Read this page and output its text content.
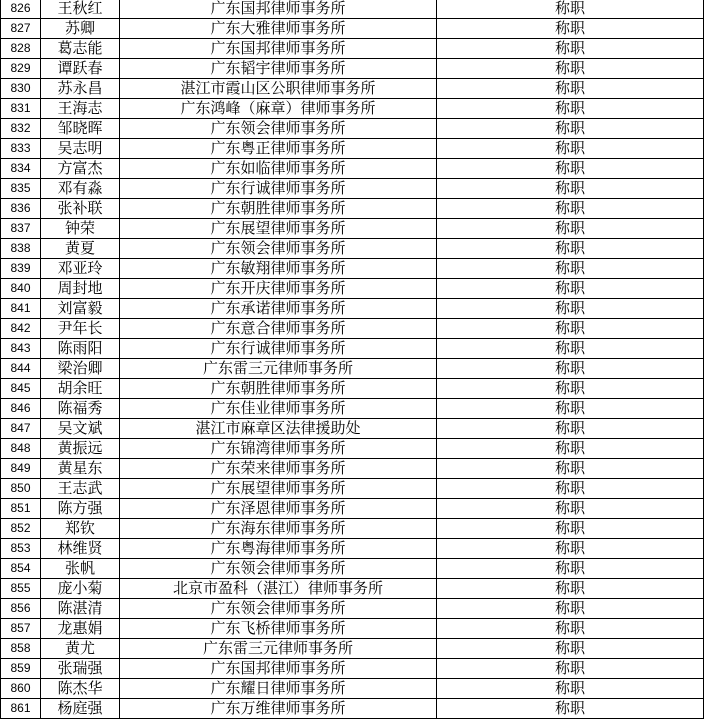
826	王秋红	广东国邦律师事务所	称职
827	苏卿	广东大雅律师事务所	称职
828	葛志能	广东国邦律师事务所	称职
829	谭跃春	广东韬宇律师事务所	称职
830	苏永昌	湛江市霞山区公职律师事务所	称职
831	王海志	广东鸿峰（麻章）律师事务所	称职
832	邹晓晖	广东领会律师事务所	称职
833	吴志明	广东粤正律师事务所	称职
834	方富杰	广东如临律师事务所	称职
835	邓有淼	广东行诚律师事务所	称职
836	张补联	广东朝胜律师事务所	称职
837	钟荣	广东展望律师事务所	称职
838	黄夏	广东领会律师事务所	称职
839	邓亚玲	广东敏翔律师事务所	称职
840	周封地	广东开庆律师事务所	称职
841	刘富毅	广东承诺律师事务所	称职
842	尹年长	广东意合律师事务所	称职
843	陈雨阳	广东行诚律师事务所	称职
844	梁治卿	广东雷三元律师事务所	称职
845	胡余旺	广东朝胜律师事务所	称职
846	陈福秀	广东佳业律师事务所	称职
847	吴文斌	湛江市麻章区法律援助处	称职
848	黄振远	广东锦湾律师事务所	称职
849	黄星东	广东荣来律师事务所	称职
850	王志武	广东展望律师事务所	称职
851	陈方强	广东泽恩律师事务所	称职
852	郑钦	广东海东律师事务所	称职
853	林维贤	广东粤海律师事务所	称职
854	张帆	广东领会律师事务所	称职
855	庞小菊	北京市盈科（湛江）律师事务所	称职
856	陈湛清	广东领会律师事务所	称职
857	龙惠娟	广东飞桥律师事务所	称职
858	黄尤	广东雷三元律师事务所	称职
859	张瑞强	广东国邦律师事务所	称职
860	陈杰华	广东耀日律师事务所	称职
861	杨庭强	广东万维律师事务所	称职
